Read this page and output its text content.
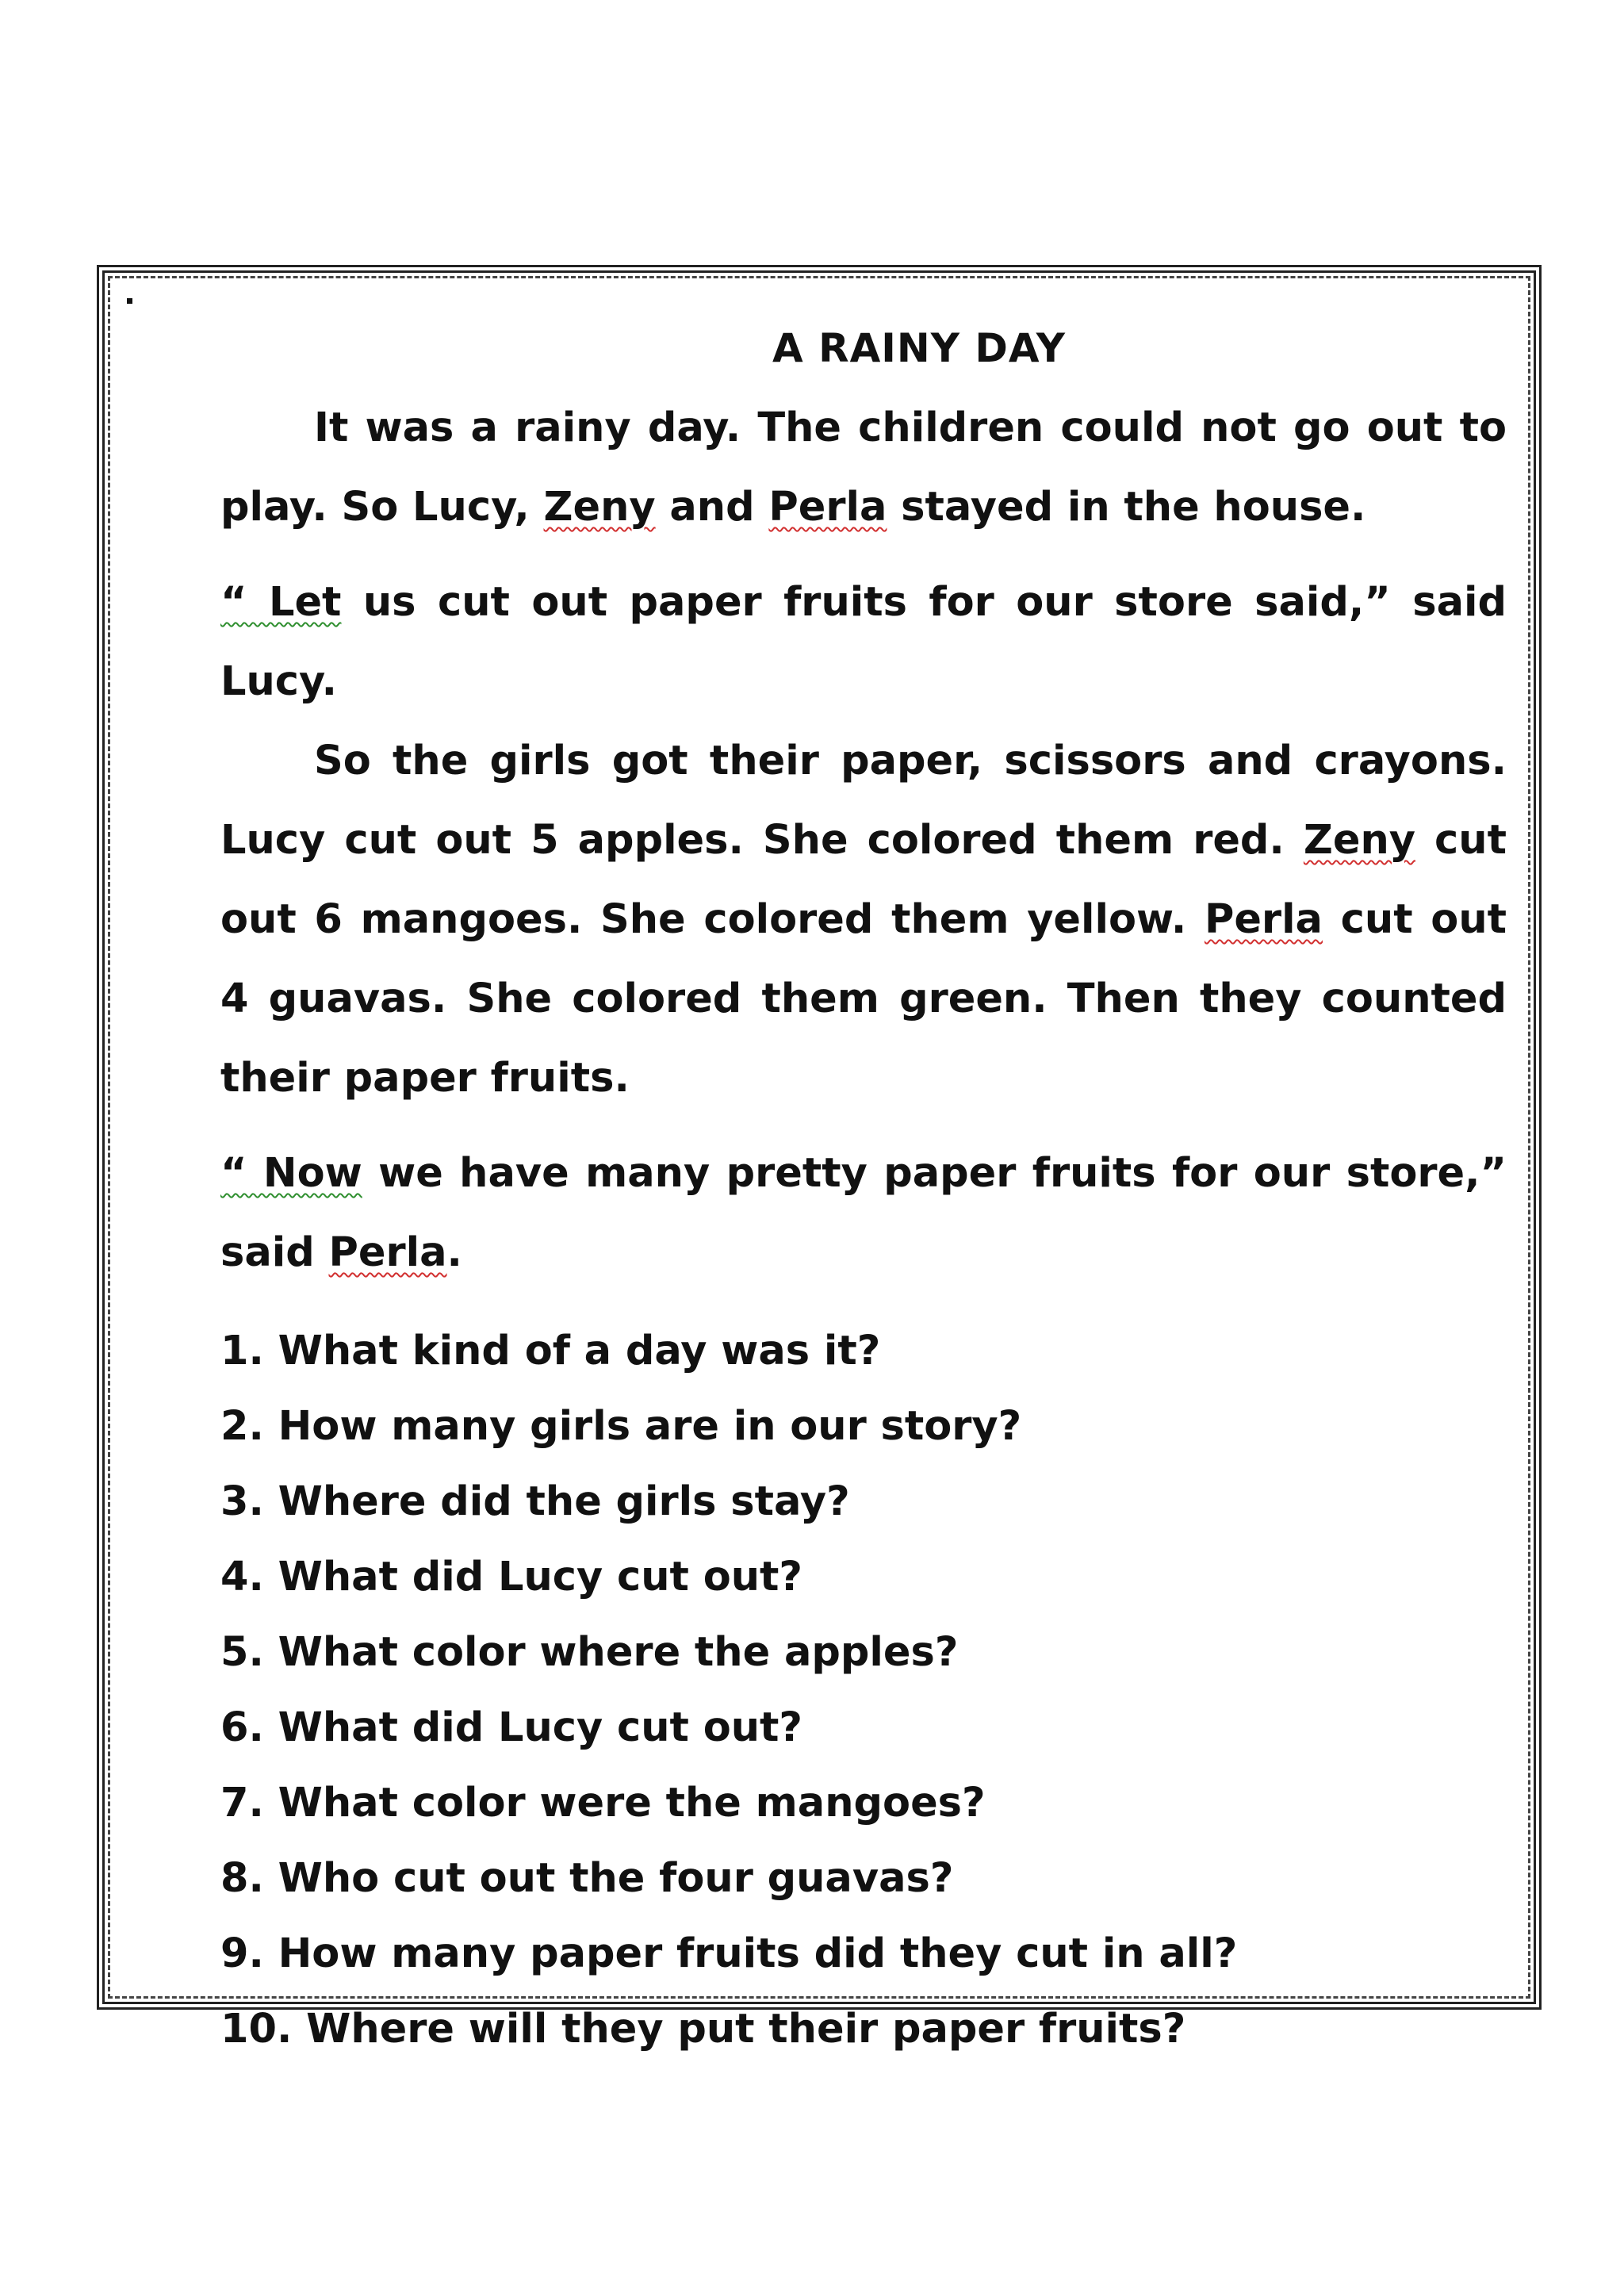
A RAINY DAY

It was a rainy day. The children could not go out to play. So Lucy, Zeny and Perla stayed in the house.

“ Let us cut out paper fruits for our store said,” said Lucy.

So the girls got their paper, scissors and crayons. Lucy cut out 5 apples. She colored them red. Zeny cut out 6 mangoes. She colored them yellow. Perla cut out 4 guavas. She colored them green. Then they counted their paper fruits.

“ Now we have many pretty paper fruits for our store,” said Perla.

1. What kind of a day was it?
2. How many girls are in our story?
3. Where did the girls stay?
4. What did Lucy cut out?
5. What color where the apples?
6. What did Lucy cut out?
7. What color were the mangoes?
8. Who cut out the four guavas?
9. How many paper fruits did they cut in all?
10. Where will they put their paper fruits?
